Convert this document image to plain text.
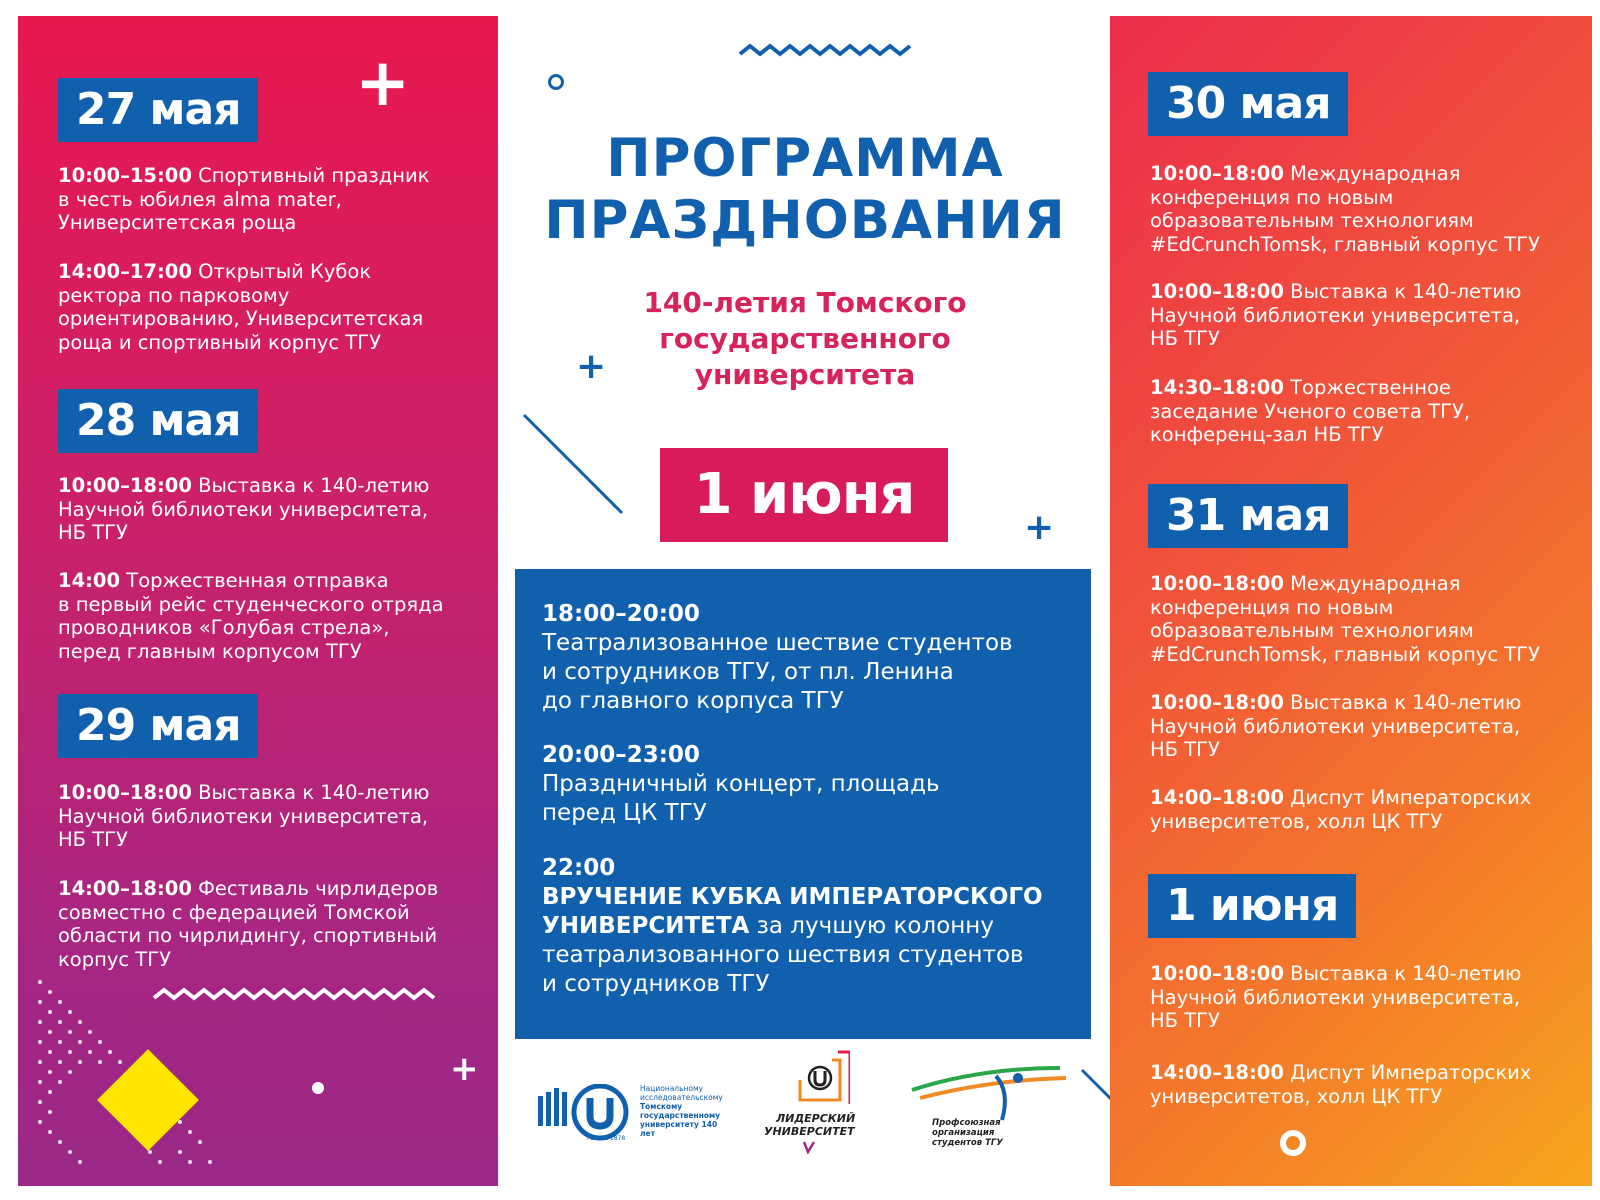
+
+
27 мая
10:00–15:00 Спортивный праздник
в честь юбилея alma mater,
Университетская роща
14:00–17:00 Открытый Кубок
ректора по парковому
ориентированию, Университетская
роща и спортивный корпус ТГУ
28 мая
10:00–18:00 Выставка к 140-летию
Научной библиотеки университета,
НБ ТГУ
14:00 Торжественная отправка
в первый рейс студенческого отряда
проводников «Голубая стрела»,
перед главным корпусом ТГУ
29 мая
10:00–18:00 Выставка к 140-летию
Научной библиотеки университета,
НБ ТГУ
14:00–18:00 Фестиваль чирлидеров
совместно с федерацией Томской
области по чирлидингу, спортивный
корпус ТГУ
ПРОГРАММА
ПРАЗДНОВАНИЯ
140-летия Томского
государственного
университета
+
+
1 июня
18:00–20:00
Театрализованное шествие студентов
и сотрудников ТГУ, от пл. Ленина
до главного корпуса ТГУ
20:00–23:00
Праздничный концерт, площадь
перед ЦК ТГУ
22:00
ВРУЧЕНИЕ КУБКА ИМПЕРАТОРСКОГО
УНИВЕРСИТЕТА за лучшую колонну
театрализованного шествия студентов
и сотрудников ТГУ
ТОМСК 1878
Национальному
исследовательскому
Томскому
государственному
университету 140 лет
ЛИДЕРСКИЙ
УНИВЕРСИТЕТ
Профсоюзная
организация
студентов ТГУ
30 мая
10:00–18:00 Международная
конференция по новым
образовательным технологиям
#EdCrunchTomsk, главный корпус ТГУ
10:00–18:00 Выставка к 140-летию
Научной библиотеки университета,
НБ ТГУ
14:30–18:00 Торжественное
заседание Ученого совета ТГУ,
конференц-зал НБ ТГУ
31 мая
10:00–18:00 Международная
конференция по новым
образовательным технологиям
#EdCrunchTomsk, главный корпус ТГУ
10:00–18:00 Выставка к 140-летию
Научной библиотеки университета,
НБ ТГУ
14:00–18:00 Диспут Императорских
университетов, холл ЦК ТГУ
1 июня
10:00–18:00 Выставка к 140-летию
Научной библиотеки университета,
НБ ТГУ
14:00–18:00 Диспут Императорских
университетов, холл ЦК ТГУ
